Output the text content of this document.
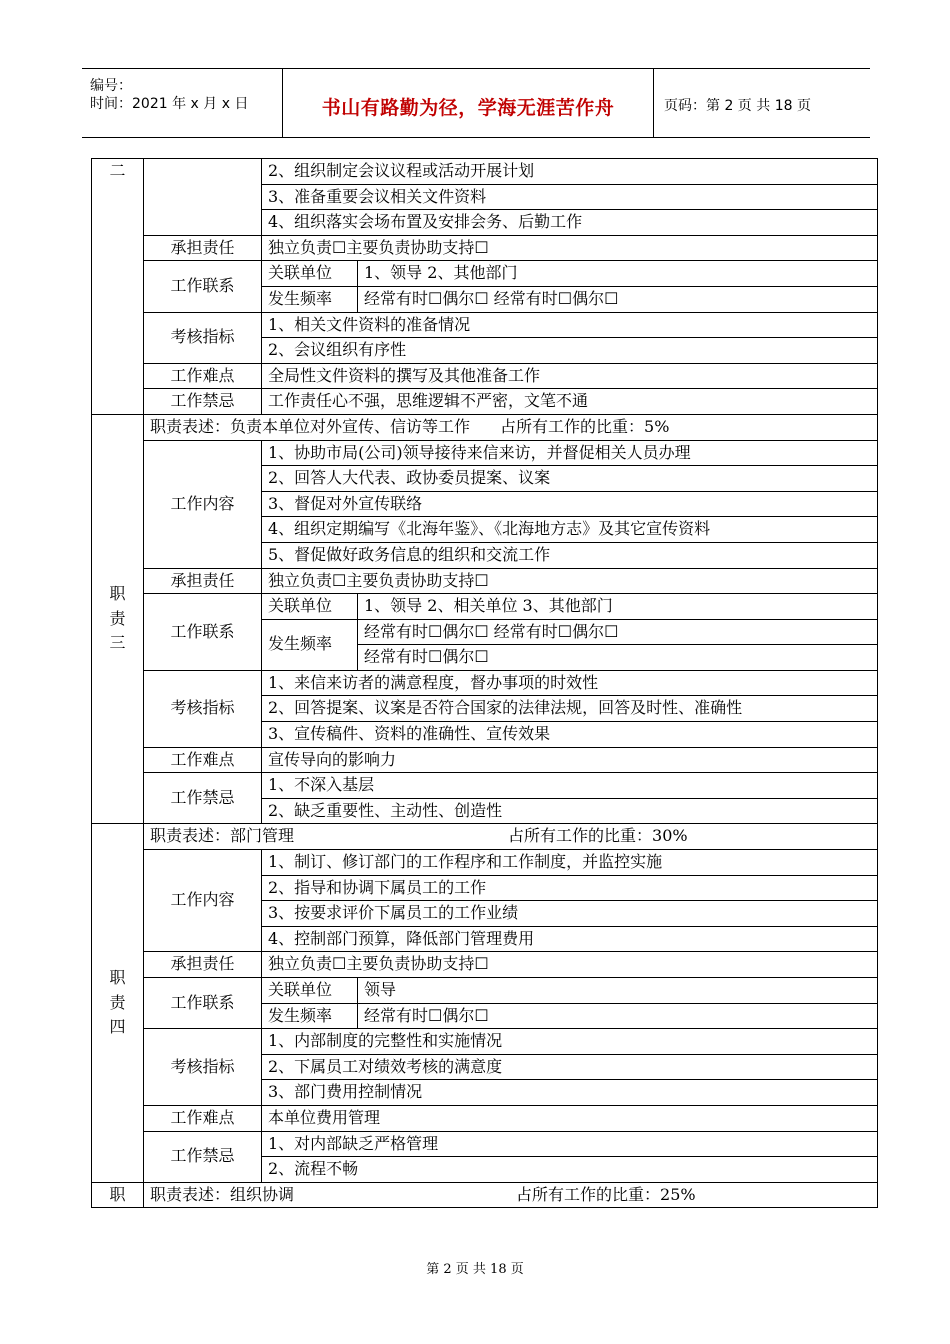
编号：
时间：2021 年 x 月 x 日	书山有路勤为径，学海无涯苦作舟	页码：第 2 页 共 18 页
二		2、组织制定会议议程或活动开展计划	
		3、准备重要会议相关文件资料	
		4、组织落实会场布置及安排会务、后勤工作	
	承担责任	独立负责☐主要负责协助支持☐	
	工作联系	关联单位	1、领导 2、其他部门
		发生频率	经常有时☐偶尔☐ 经常有时☐偶尔☐
	考核指标	1、相关文件资料的准备情况	
		2、会议组织有序性	
	工作难点	全局性文件资料的撰写及其他准备工作	
	工作禁忌	工作责任心不强，思维逻辑不严密，文笔不通	

职
责
三	职责表述：负责本单位对外宣传、信访等工作 占所有工作的比重：5%		
	工作内容	1、协助市局(公司)领导接待来信来访，并督促相关人员办理	
		2、回答人大代表、政协委员提案、议案	
		3、督促对外宣传联络	
		4、组织定期编写《北海年鉴》、《北海地方志》及其它宣传资料	
		5、督促做好政务信息的组织和交流工作	
	承担责任	独立负责☐主要负责协助支持☐	
	工作联系	关联单位	1、领导 2、相关单位 3、其他部门
		发生频率	经常有时☐偶尔☐ 经常有时☐偶尔☐
			经常有时☐偶尔☐
	考核指标	1、来信来访者的满意程度，督办事项的时效性	
		2、回答提案、议案是否符合国家的法律法规，回答及时性、准确性	
		3、宣传稿件、资料的准确性、宣传效果	
	工作难点	宣传导向的影响力	
	工作禁忌	1、不深入基层	
		2、缺乏重要性、主动性、创造性	

职
责
四	职责表述：部门管理 占所有工作的比重：30%		
	工作内容	1、制订、修订部门的工作程序和工作制度，并监控实施	
		2、指导和协调下属员工的工作	
		3、按要求评价下属员工的工作业绩	
		4、控制部门预算，降低部门管理费用	
	承担责任	独立负责☐主要负责协助支持☐	
	工作联系	关联单位	领导
		发生频率	经常有时☐偶尔☐
	考核指标	1、内部制度的完整性和实施情况	
		2、下属员工对绩效考核的满意度	
		3、部门费用控制情况	
	工作难点	本单位费用管理	
	工作禁忌	1、对内部缺乏严格管理	
		2、流程不畅	
职	职责表述：组织协调 占所有工作的比重：25%		
第 2 页 共 18 页
